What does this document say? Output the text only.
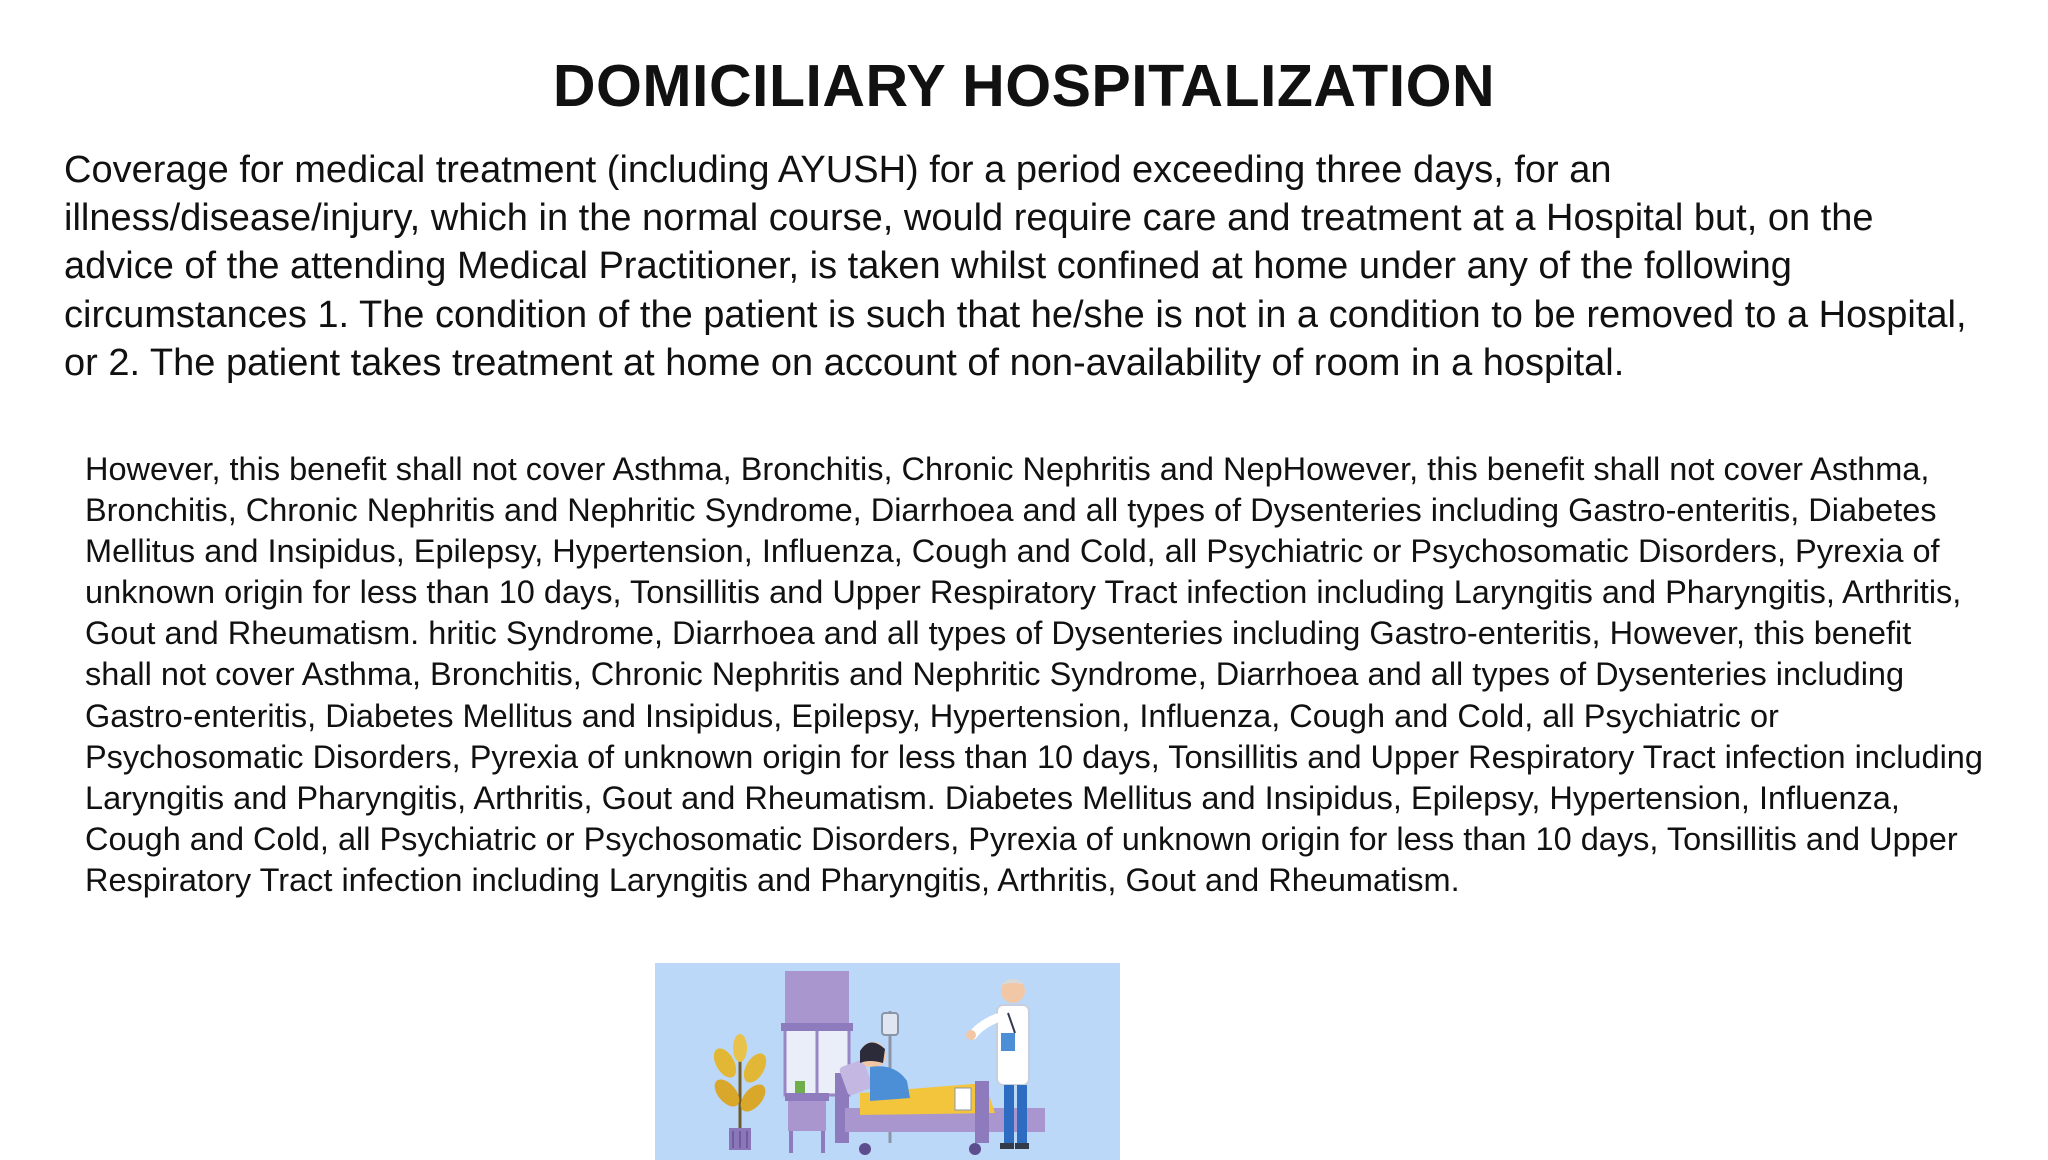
DOMICILIARY HOSPITALIZATION

Coverage for medical treatment (including AYUSH) for a period exceeding three days, for an illness/disease/injury, which in the normal course, would require care and treatment at a Hospital but, on the advice of the attending Medical Practitioner, is taken whilst confined at home under any of the following circumstances 1. The condition of the patient is such that he/she is not in a condition to be removed to a Hospital, or 2. The patient takes treatment at home on account of non-availability of room in a hospital.

However, this benefit shall not cover Asthma, Bronchitis, Chronic Nephritis and NepHowever, this benefit shall not cover Asthma, Bronchitis, Chronic Nephritis and Nephritic Syndrome, Diarrhoea and all types of Dysenteries including Gastro-enteritis, Diabetes Mellitus and Insipidus, Epilepsy, Hypertension, Influenza, Cough and Cold, all Psychiatric or Psychosomatic Disorders, Pyrexia of unknown origin for less than 10 days, Tonsillitis and Upper Respiratory Tract infection including Laryngitis and Pharyngitis, Arthritis, Gout and Rheumatism. hritic Syndrome, Diarrhoea and all types of Dysenteries including Gastro-enteritis, However, this benefit shall not cover Asthma, Bronchitis, Chronic Nephritis and Nephritic Syndrome, Diarrhoea and all types of Dysenteries including Gastro-enteritis, Diabetes Mellitus and Insipidus, Epilepsy, Hypertension, Influenza, Cough and Cold, all Psychiatric or Psychosomatic Disorders, Pyrexia of unknown origin for less than 10 days, Tonsillitis and Upper Respiratory Tract infection including Laryngitis and Pharyngitis, Arthritis, Gout and Rheumatism. Diabetes Mellitus and Insipidus, Epilepsy, Hypertension, Influenza, Cough and Cold, all Psychiatric or Psychosomatic Disorders, Pyrexia of unknown origin for less than 10 days, Tonsillitis and Upper Respiratory Tract infection including Laryngitis and Pharyngitis, Arthritis, Gout and Rheumatism.
